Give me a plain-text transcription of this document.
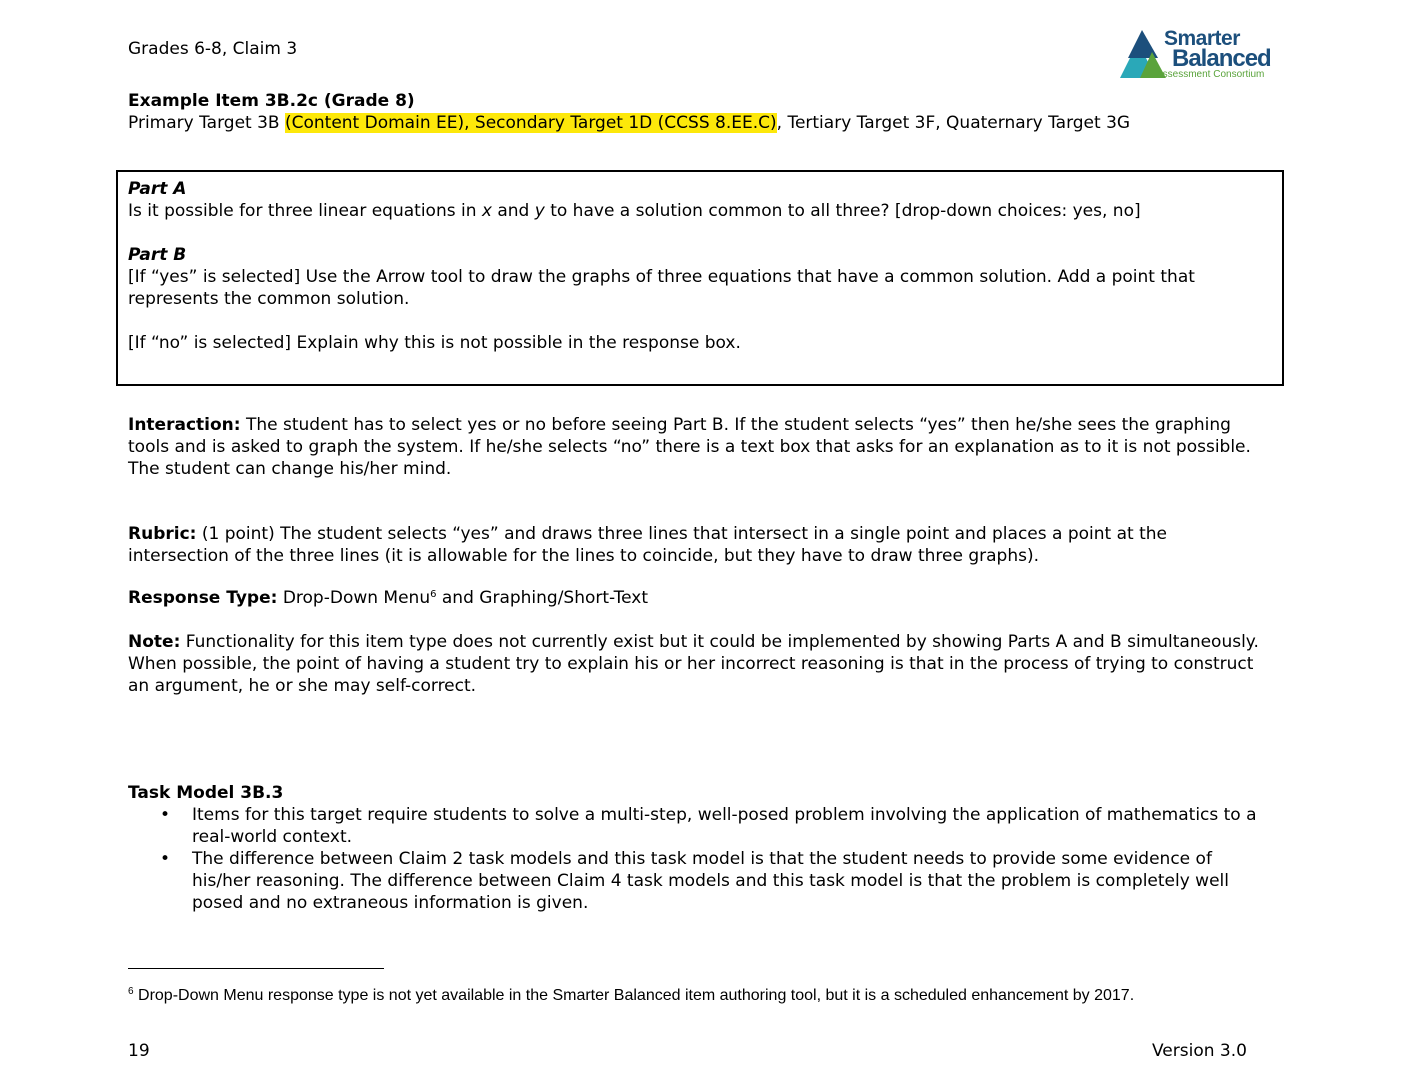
Grades 6-8, Claim 3	Smarter
Balanced
Assessment Consortium
Example Item 3B.2c (Grade 8)
Primary Target 3B (Content Domain EE), Secondary Target 1D (CCSS 8.EE.C), Tertiary Target 3F, Quaternary Target 3G

Part A

Is it possible for three linear equations in x and y to have a solution common to all three? [drop-down choices: yes, no]

Part B

[If “yes” is selected] Use the Arrow tool to draw the graphs of three equations that have a common solution. Add a point that represents the common solution.

[If “no” is selected] Explain why this is not possible in the response box.

Interaction: The student has to select yes or no before seeing Part B. If the student selects “yes” then he/she sees the graphing tools and is asked to graph the system. If he/she selects “no” there is a text box that asks for an explanation as to it is not possible. The student can change his/her mind.
Rubric: (1 point) The student selects “yes” and draws three lines that intersect in a single point and places a point at the intersection of the three lines (it is allowable for the lines to coincide, but they have to draw three graphs).
Response Type: Drop-Down Menu$^6$ and Graphing/Short-Text
Note: Functionality for this item type does not currently exist but it could be implemented by showing Parts A and B simultaneously. When possible, the point of having a student try to explain his or her incorrect reasoning is that in the process of trying to construct an argument, he or she may self-correct.

Task Model 3B.3

• Items for this target require students to solve a multi-step, well-posed problem involving the application of mathematics to a real-world context.
• The difference between Claim 2 task models and this task model is that the student needs to provide some evidence of his/her reasoning. The difference between Claim 4 task models and this task model is that the problem is completely well posed and no extraneous information is given.
$^6$ Drop-Down Menu response type is not yet available in the Smarter Balanced item authoring tool, but it is a scheduled enhancement by 2017.
19	Version 3.0
